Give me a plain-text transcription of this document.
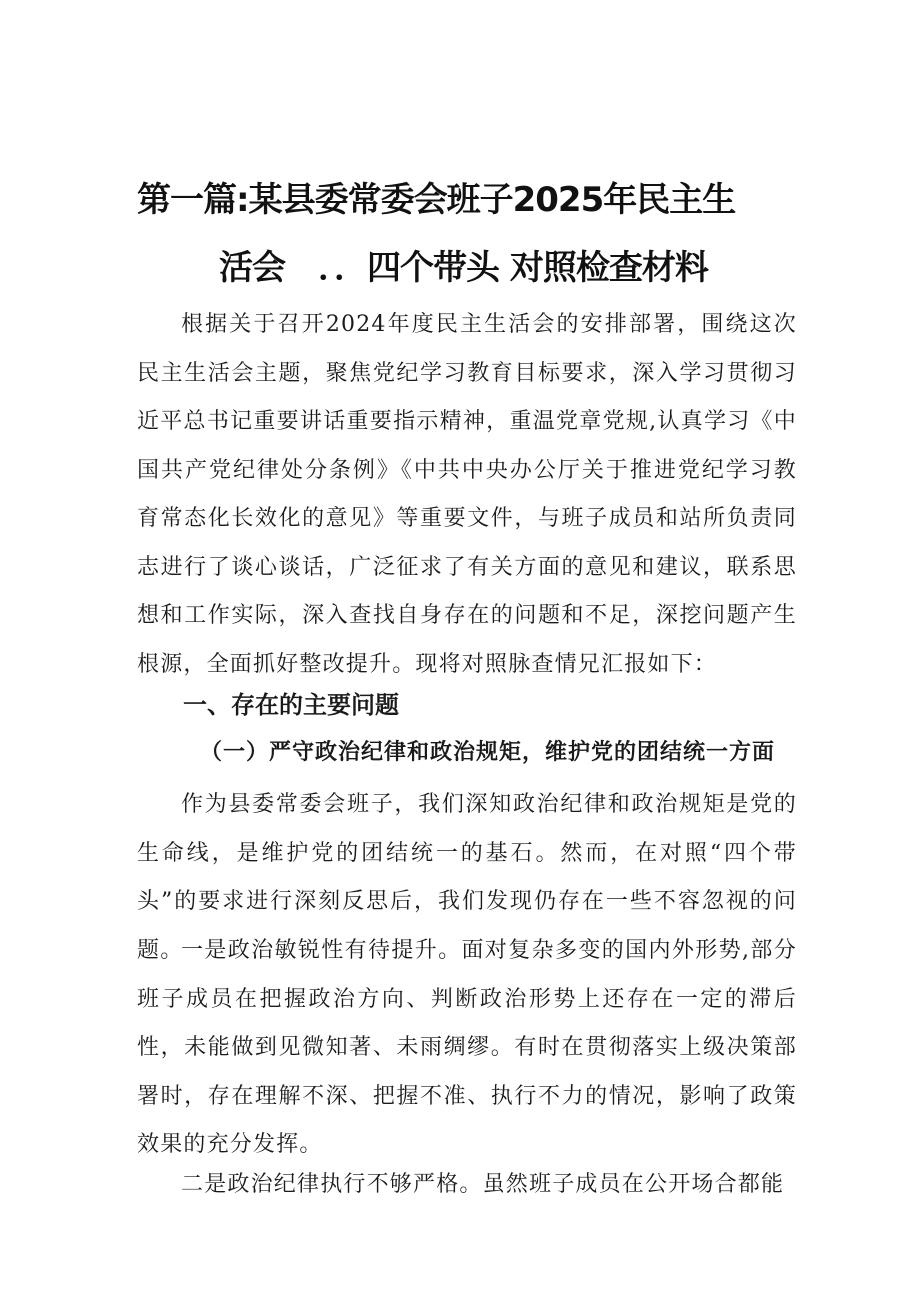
第一篇:某县委常委会班子2025年民主生
活会　．．四个带头 对照检查材料

根据关于召开2024年度民主生活会的安排部署，围绕这次民主生活会主题，聚焦党纪学习教育目标要求，深入学习贯彻习近平总书记重要讲话重要指示精神，重温党章党规,认真学习《中国共产党纪律处分条例》《中共中央办公厅关于推进党纪学习教育常态化长效化的意见》等重要文件，与班子成员和站所负责同志进行了谈心谈话，广泛征求了有关方面的意见和建议，联系思想和工作实际，深入查找自身存在的问题和不足，深挖问题产生根源，全面抓好整改提升。现将对照脉查情兄汇报如下：

一、存在的主要问题
（一）严守政治纪律和政治规矩，维护党的团结统一方面

作为县委常委会班子，我们深知政治纪律和政治规矩是党的生命线，是维护党的团结统一的基石。然而，在对照“四个带头”的要求进行深刻反思后，我们发现仍存在一些不容忽视的问题。

一是政治敏锐性有待提升。面对复杂多变的国内外形势,部分班子成员在把握政治方向、判断政治形势上还存在一定的滞后性，未能做到见微知著、未雨绸缪。有时在贯彻落实上级决策部署时，存在理解不深、把握不准、执行不力的情况，影响了政策效果的充分发挥。

二是政治纪律执行不够严格。虽然班子成员在公开场合都能
